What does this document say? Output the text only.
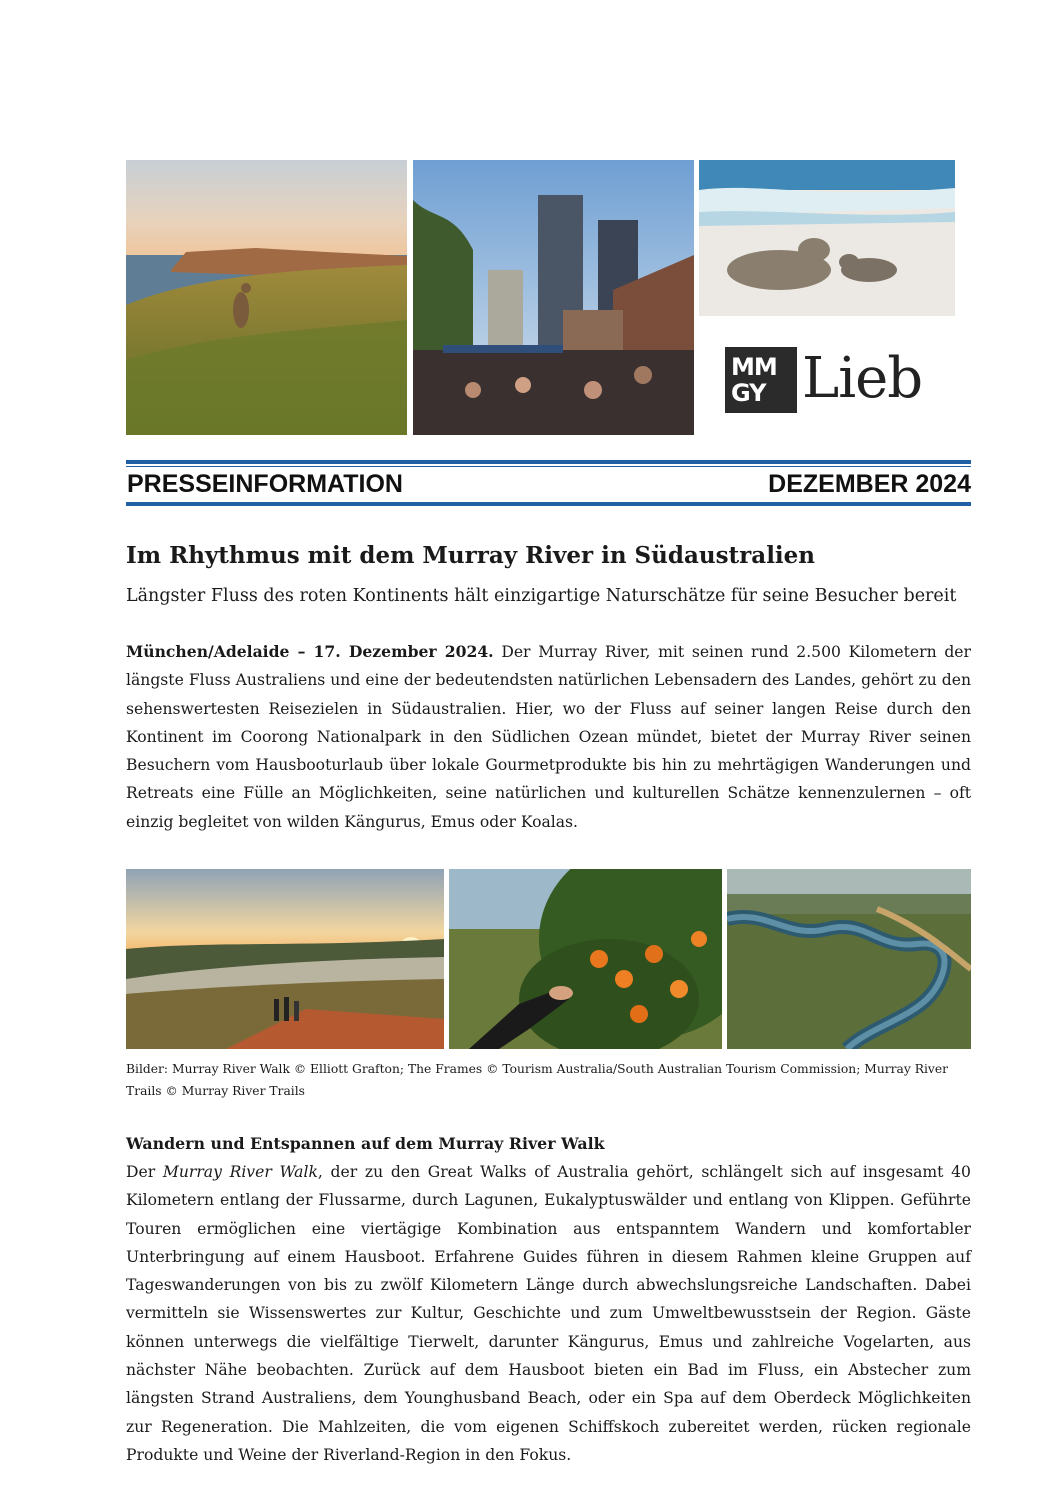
MM
GY Lieb
PRESSEINFORMATION	DEZEMBER 2024
Im Rhythmus mit dem Murray River in Südaustralien
Längster Fluss des roten Kontinents hält einzigartige Naturschätze für seine Besucher bereit
München/Adelaide – 17. Dezember 2024. Der Murray River, mit seinen rund 2.500 Kilometern der längste Fluss Australiens und eine der bedeutendsten natürlichen Lebensadern des Landes, gehört zu den sehenswertesten Reisezielen in Südaustralien. Hier, wo der Fluss auf seiner langen Reise durch den Kontinent im Coorong Nationalpark in den Südlichen Ozean mündet, bietet der Murray River seinen Besuchern vom Hausbooturlaub über lokale Gourmetprodukte bis hin zu mehrtägigen Wanderungen und Retreats eine Fülle an Möglichkeiten, seine natürlichen und kulturellen Schätze kennenzulernen – oft einzig begleitet von wilden Kängurus, Emus oder Koalas.
Bilder: Murray River Walk © Elliott Grafton; The Frames © Tourism Australia/South Australian Tourism Commission; Murray River Trails © Murray River Trails
Wandern und Entspannen auf dem Murray River Walk
Der Murray River Walk, der zu den Great Walks of Australia gehört, schlängelt sich auf insgesamt 40 Kilometern entlang der Flussarme, durch Lagunen, Eukalyptuswälder und entlang von Klippen. Geführte Touren ermöglichen eine viertägige Kombination aus entspanntem Wandern und komfortabler Unterbringung auf einem Hausboot. Erfahrene Guides führen in diesem Rahmen kleine Gruppen auf Tageswanderungen von bis zu zwölf Kilometern Länge durch abwechslungsreiche Landschaften. Dabei vermitteln sie Wissenswertes zur Kultur, Geschichte und zum Umweltbewusstsein der Region. Gäste können unterwegs die vielfältige Tierwelt, darunter Kängurus, Emus und zahlreiche Vogelarten, aus nächster Nähe beobachten. Zurück auf dem Hausboot bieten ein Bad im Fluss, ein Abstecher zum längsten Strand Australiens, dem Younghusband Beach, oder ein Spa auf dem Oberdeck Möglichkeiten zur Regeneration. Die Mahlzeiten, die vom eigenen Schiffskoch zubereitet werden, rücken regionale Produkte und Weine der Riverland-Region in den Fokus.
